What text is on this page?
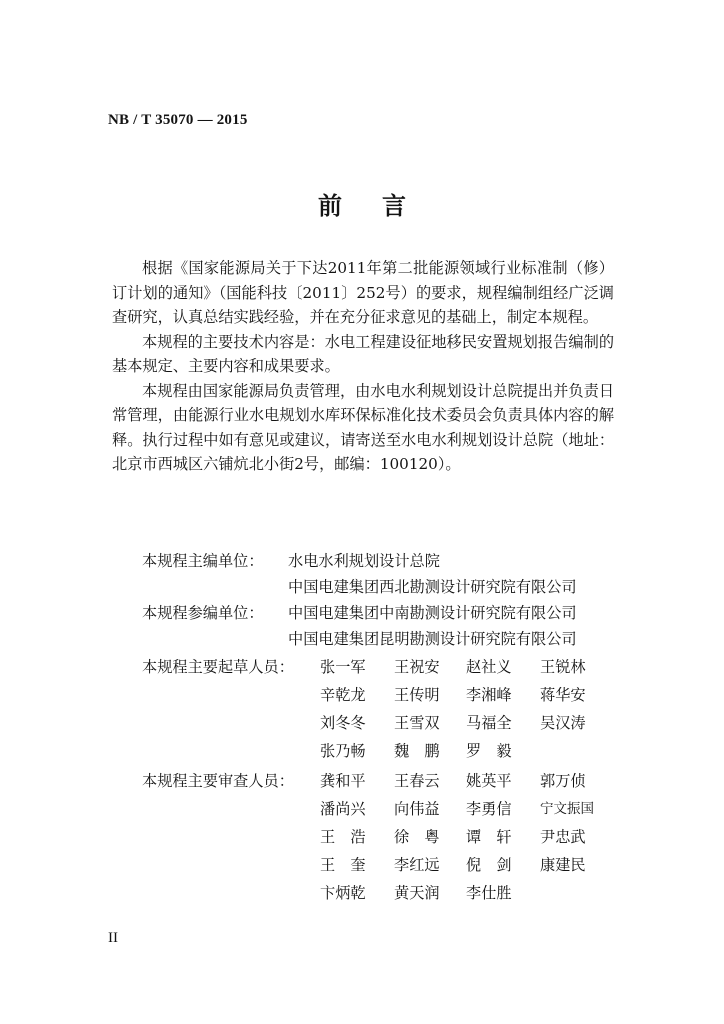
NB / T 35070 — 2015
前 言

根据《国家能源局关于下达2011年第二批能源领域行业标准制（修）订计划的通知》（国能科技〔2011〕252号）的要求，规程编制组经广泛调查研究，认真总结实践经验，并在充分征求意见的基础上，制定本规程。

本规程的主要技术内容是：水电工程建设征地移民安置规划报告编制的基本规定、主要内容和成果要求。

本规程由国家能源局负责管理，由水电水利规划设计总院提出并负责日常管理，由能源行业水电规划水库环保标准化技术委员会负责具体内容的解释。执行过程中如有意见或建议，请寄送至水电水利规划设计总院（地址：北京市西城区六铺炕北小街2号，邮编：100120）。

本规程主编单位： 水电水利规划设计总院
中国电建集团西北勘测设计研究院有限公司
本规程参编单位： 中国电建集团中南勘测设计研究院有限公司
中国电建集团昆明勘测设计研究院有限公司
本规程主要起草人员： 张一军 王祝安 赵社义 王锐林
辛乾龙 王传明 李湘峰 蒋华安
刘冬冬 王雪双 马福全 吴汉涛
张乃畅 魏　鹏 罗　毅
本规程主要审查人员： 龚和平 王春云 姚英平 郭万侦
潘尚兴 向伟益 李勇信 宁文振国
王　浩 徐　粤 谭　轩 尹忠武
王　奎 李红远 倪　剑 康建民
卞炳乾 黄天润 李仕胜
II
